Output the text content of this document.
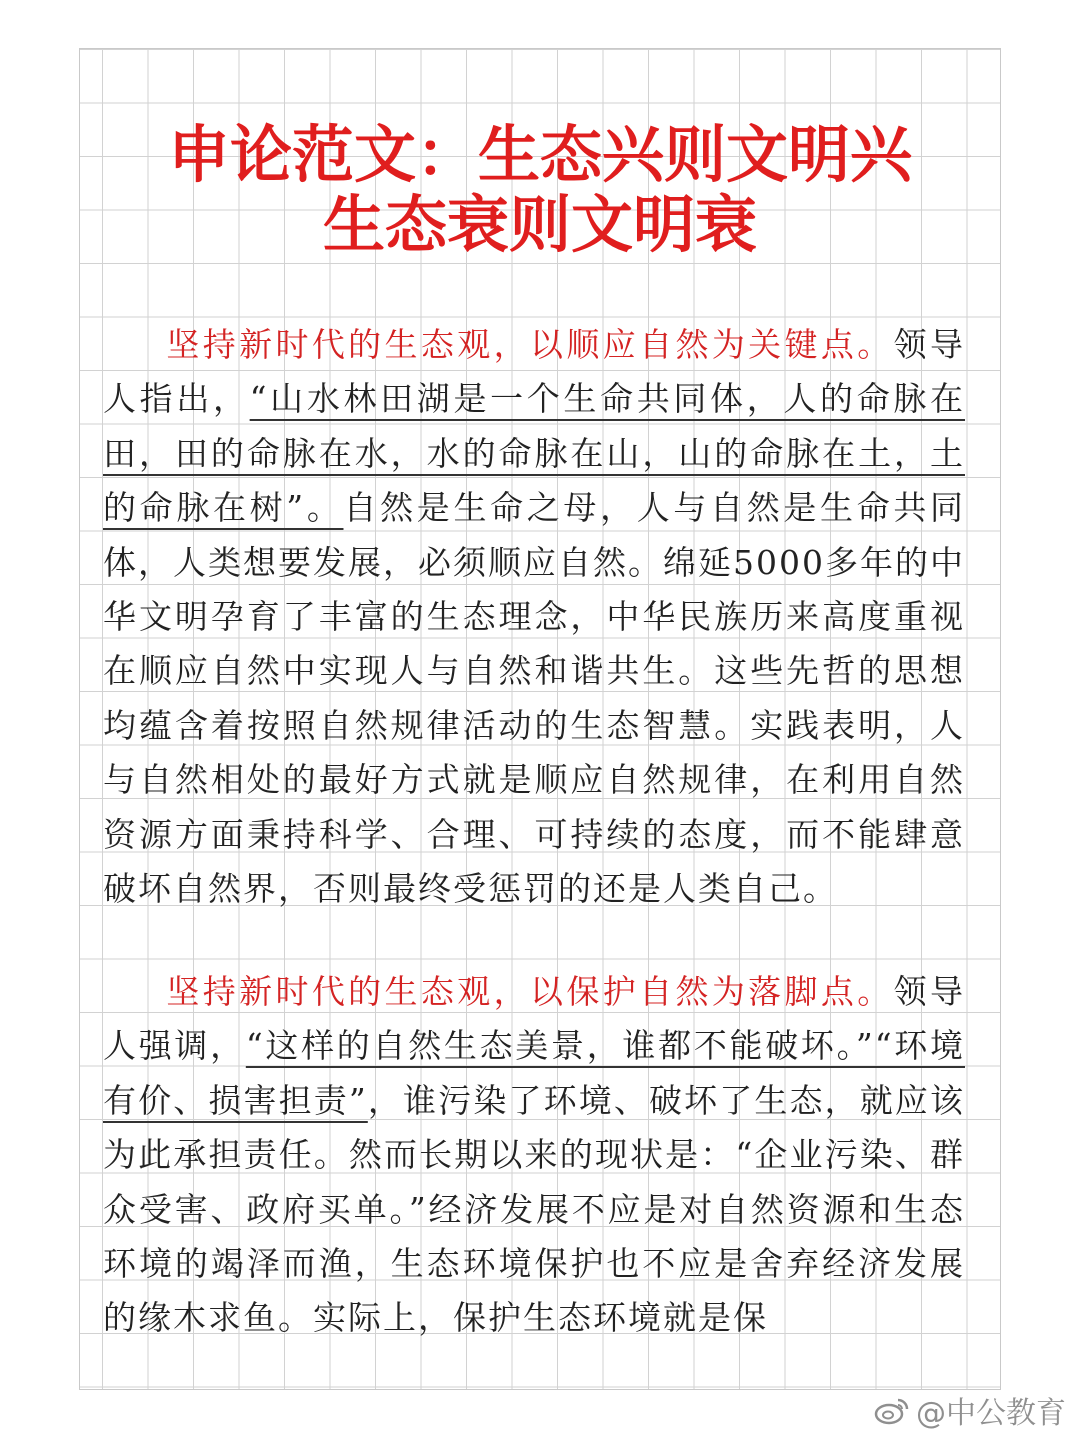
申论范文：生态兴则文明兴
生态衰则文明衰

坚持新时代的生态观，以顺应自然为关键点。领导人指出，“山水林田湖是一个生命共同体，人的命脉在田，田的命脉在水，水的命脉在山，山的命脉在土，土的命脉在树”。自然是生命之母，人与自然是生命共同体，人类想要发展，必须顺应自然。绵延5000多年的中华文明孕育了丰富的生态理念，中华民族历来高度重视在顺应自然中实现人与自然和谐共生。这些先哲的思想均蕴含着按照自然规律活动的生态智慧。实践表明，人与自然相处的最好方式就是顺应自然规律，在利用自然资源方面秉持科学、合理、可持续的态度，而不能肆意破坏自然界，否则最终受惩罚的还是人类自己。

坚持新时代的生态观，以保护自然为落脚点。领导人强调，“这样的自然生态美景，谁都不能破坏。”“环境有价、损害担责”，谁污染了环境、破坏了生态，就应该为此承担责任。然而长期以来的现状是：“企业污染、群众受害、政府买单。”经济发展不应是对自然资源和生态环境的竭泽而渔，生态环境保护也不应是舍弃经济发展的缘木求鱼。实际上，保护生态环境就是保

@中公教育
